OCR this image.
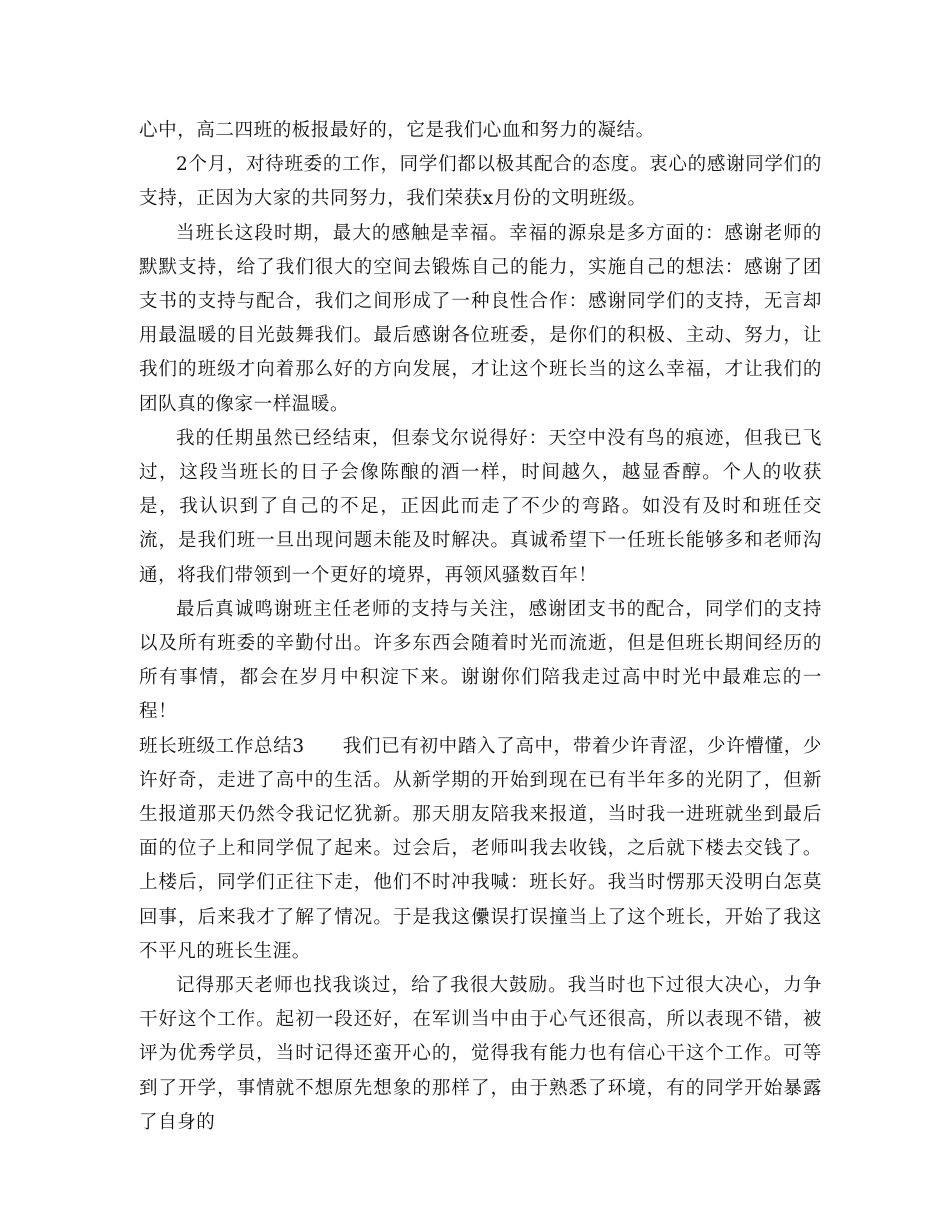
心中，高二四班的板报最好的，它是我们心血和努力的凝结。

2个月，对待班委的工作，同学们都以极其配合的态度。衷心的感谢同学们的支持，正因为大家的共同努力，我们荣获x月份的文明班级。

当班长这段时期，最大的感触是幸福。幸福的源泉是多方面的：感谢老师的默默支持，给了我们很大的空间去锻炼自己的能力，实施自己的想法：感谢了团支书的支持与配合，我们之间形成了一种良性合作：感谢同学们的支持，无言却用最温暖的目光鼓舞我们。最后感谢各位班委，是你们的积极、主动、努力，让我们的班级才向着那么好的方向发展，才让这个班长当的这么幸福，才让我们的团队真的像家一样温暖。

我的任期虽然已经结束，但泰戈尔说得好：天空中没有鸟的痕迹，但我已飞过，这段当班长的日子会像陈酿的酒一样，时间越久，越显香醇。个人的收获是，我认识到了自己的不足，正因此而走了不少的弯路。如没有及时和班任交流，是我们班一旦出现问题未能及时解决。真诚希望下一任班长能够多和老师沟通，将我们带领到一个更好的境界，再领风骚数百年！

最后真诚鸣谢班主任老师的支持与关注，感谢团支书的配合，同学们的支持以及所有班委的辛勤付出。许多东西会随着时光而流逝，但是但班长期间经历的所有事情，都会在岁月中积淀下来。谢谢你们陪我走过高中时光中最难忘的一程！

班长班级工作总结3 我们已有初中踏入了高中，带着少许青涩，少许懵懂，少许好奇，走进了高中的生活。从新学期的开始到现在已有半年多的光阴了，但新生报道那天仍然令我记忆犹新。那天朋友陪我来报道，当时我一进班就坐到最后面的位子上和同学侃了起来。过会后，老师叫我去收钱，之后就下楼去交钱了。上楼后，同学们正往下走，他们不时冲我喊：班长好。我当时愣那天没明白怎莫回事，后来我才了解了情况。于是我这儽误打误撞当上了这个班长，开始了我这不平凡的班长生涯。

记得那天老师也找我谈过，给了我很大鼓励。我当时也下过很大决心，力争干好这个工作。起初一段还好，在军训当中由于心气还很高，所以表现不错，被评为优秀学员，当时记得还蛮开心的，觉得我有能力也有信心干这个工作。可等到了开学，事情就不想原先想象的那样了，由于熟悉了环境，有的同学开始暴露了自身的
